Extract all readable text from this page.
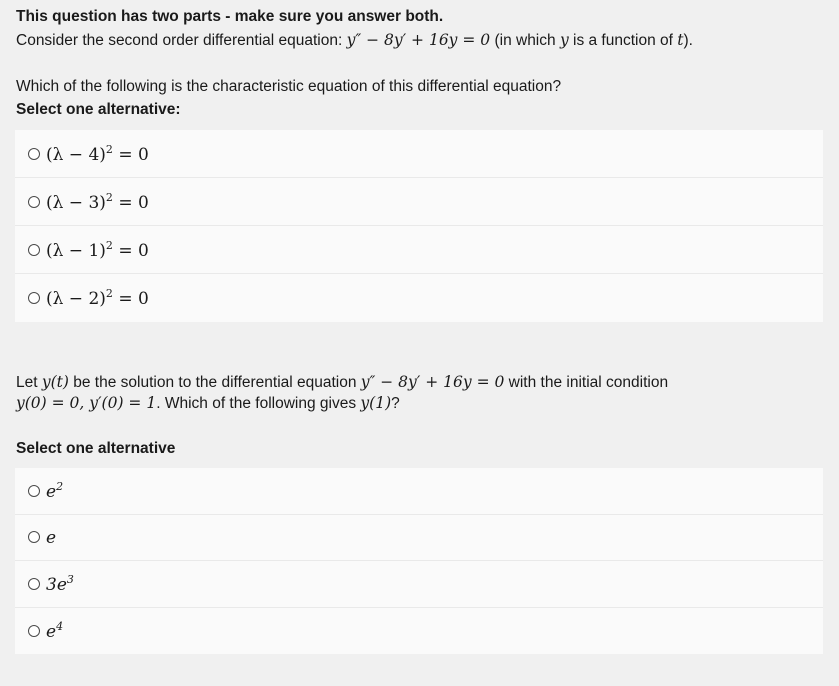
This question has two parts - make sure you answer both.
Consider the second order differential equation: y″ − 8y′ + 16y = 0 (in which y is a function of t).
Which of the following is the characteristic equation of this differential equation?
Select one alternative:
$(\lambda - 4)^2 = 0$
$(\lambda - 3)^2 = 0$
$(\lambda - 1)^2 = 0$
$(\lambda - 2)^2 = 0$
Let y(t) be the solution to the differential equation y″ − 8y′ + 16y = 0 with the initial condition
y(0) = 0, y′(0) = 1. Which of the following gives y(1)?
Select one alternative
$e^2$
e
$3e^3$
$e^4$
